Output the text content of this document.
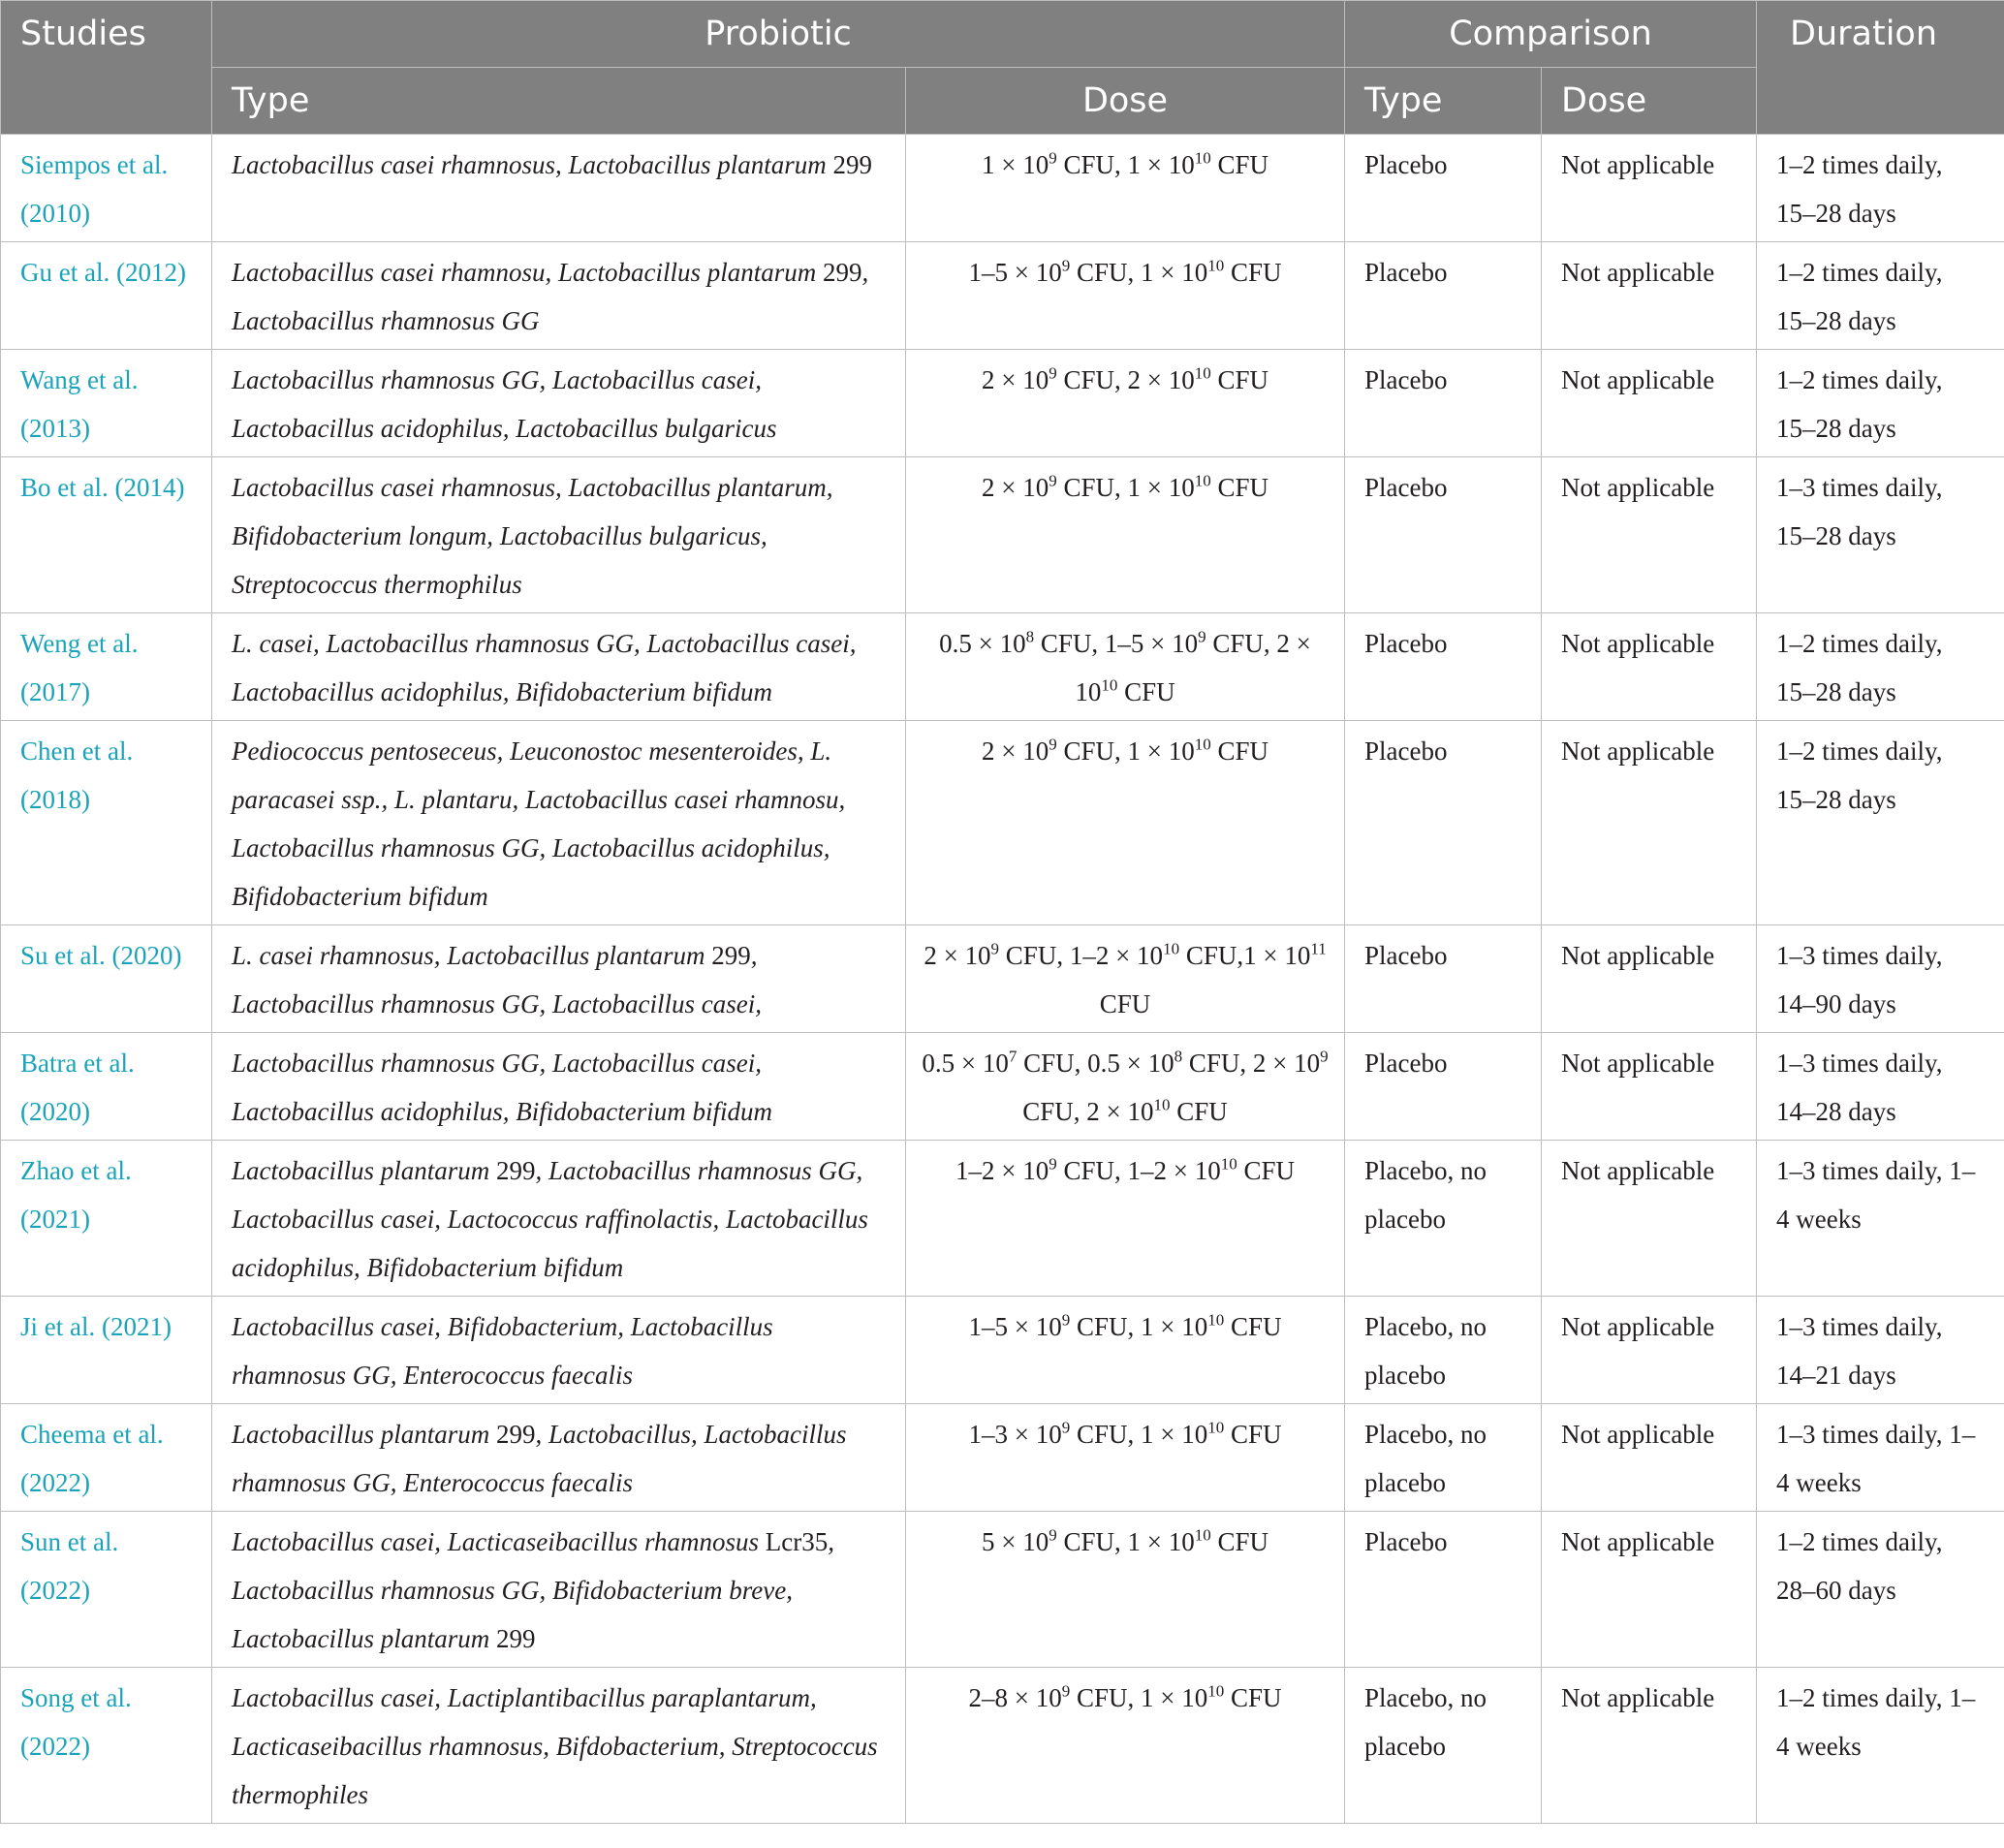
Studies	Probiotic		Comparison		Duration
	Type	Dose	Type	Dose	
Siempos et al. (2010)	Lactobacillus casei rhamnosus, Lactobacillus plantarum 299	$1 \times 10^9$ CFU, $1 \times 10^{10}$ CFU	Placebo	Not applicable	1–2 times daily, 15–28 days
Gu et al. (2012)	Lactobacillus casei rhamnosu, Lactobacillus plantarum 299, Lactobacillus rhamnosus GG	$1-5 \times 10^9$ CFU, $1 \times 10^{10}$ CFU	Placebo	Not applicable	1–2 times daily, 15–28 days
Wang et al. (2013)	Lactobacillus rhamnosus GG, Lactobacillus casei, Lactobacillus acidophilus, Lactobacillus bulgaricus	$2 \times 10^9$ CFU, $2 \times 10^{10}$ CFU	Placebo	Not applicable	1–2 times daily, 15–28 days
Bo et al. (2014)	Lactobacillus casei rhamnosus, Lactobacillus plantarum, Bifidobacterium longum, Lactobacillus bulgaricus, Streptococcus thermophilus	$2 \times 10^9$ CFU, $1 \times 10^{10}$ CFU	Placebo	Not applicable	1–3 times daily, 15–28 days
Weng et al. (2017)	L. casei, Lactobacillus rhamnosus GG, Lactobacillus casei, Lactobacillus acidophilus, Bifidobacterium bifidum	$0.5 \times 10^8$ CFU, $1-5 \times 10^9$ CFU, $2 \times 10^{10}$ CFU	Placebo	Not applicable	1–2 times daily, 15–28 days
Chen et al. (2018)	Pediococcus pentoseceus, Leuconostoc mesenteroides, L. paracasei ssp., L. plantaru, Lactobacillus casei rhamnosu, Lactobacillus rhamnosus GG, Lactobacillus acidophilus, Bifidobacterium bifidum	$2 \times 10^9$ CFU, $1 \times 10^{10}$ CFU	Placebo	Not applicable	1–2 times daily, 15–28 days
Su et al. (2020)	L. casei rhamnosus, Lactobacillus plantarum 299, Lactobacillus rhamnosus GG, Lactobacillus casei,	$2 \times 10^9$ CFU, $1-2 \times 10^{10}$ $CFU,1 \times 10^{11}$ CFU	Placebo	Not applicable	1–3 times daily, 14–90 days
Batra et al. (2020)	Lactobacillus rhamnosus GG, Lactobacillus casei, Lactobacillus acidophilus, Bifidobacterium bifidum	$0.5 \times 10^7$ CFU, $0.5 \times 10^8$ CFU, $2 \times 10^9$ CFU, $2 \times 10^{10}$ CFU	Placebo	Not applicable	1–3 times daily, 14–28 days
Zhao et al. (2021)	Lactobacillus plantarum 299, Lactobacillus rhamnosus GG, Lactobacillus casei, Lactococcus raffinolactis, Lactobacillus acidophilus, Bifidobacterium bifidum	$1-2 \times 10^9$ CFU, $1-2 \times 10^{10}$ CFU	Placebo, no placebo	Not applicable	1–3 times daily, 1–4 weeks
Ji et al. (2021)	Lactobacillus casei, Bifidobacterium, Lactobacillus rhamnosus GG, Enterococcus faecalis	$1-5 \times 10^9$ CFU, $1 \times 10^{10}$ CFU	Placebo, no placebo	Not applicable	1–3 times daily, 14–21 days
Cheema et al. (2022)	Lactobacillus plantarum 299, Lactobacillus, Lactobacillus rhamnosus GG, Enterococcus faecalis	$1-3 \times 10^9$ CFU, $1 \times 10^{10}$ CFU	Placebo, no placebo	Not applicable	1–3 times daily, 1–4 weeks
Sun et al. (2022)	Lactobacillus casei, Lacticaseibacillus rhamnosus Lcr35, Lactobacillus rhamnosus GG, Bifidobacterium breve, Lactobacillus plantarum 299	$5 \times 10^9$ CFU, $1 \times 10^{10}$ CFU	Placebo	Not applicable	1–2 times daily, 28–60 days
Song et al. (2022)	Lactobacillus casei, Lactiplantibacillus paraplantarum, Lacticaseibacillus rhamnosus, Bifdobacterium, Streptococcus thermophiles	$2-8 \times 10^9$ CFU, $1 \times 10^{10}$ CFU	Placebo, no placebo	Not applicable	1–2 times daily, 1–4 weeks
